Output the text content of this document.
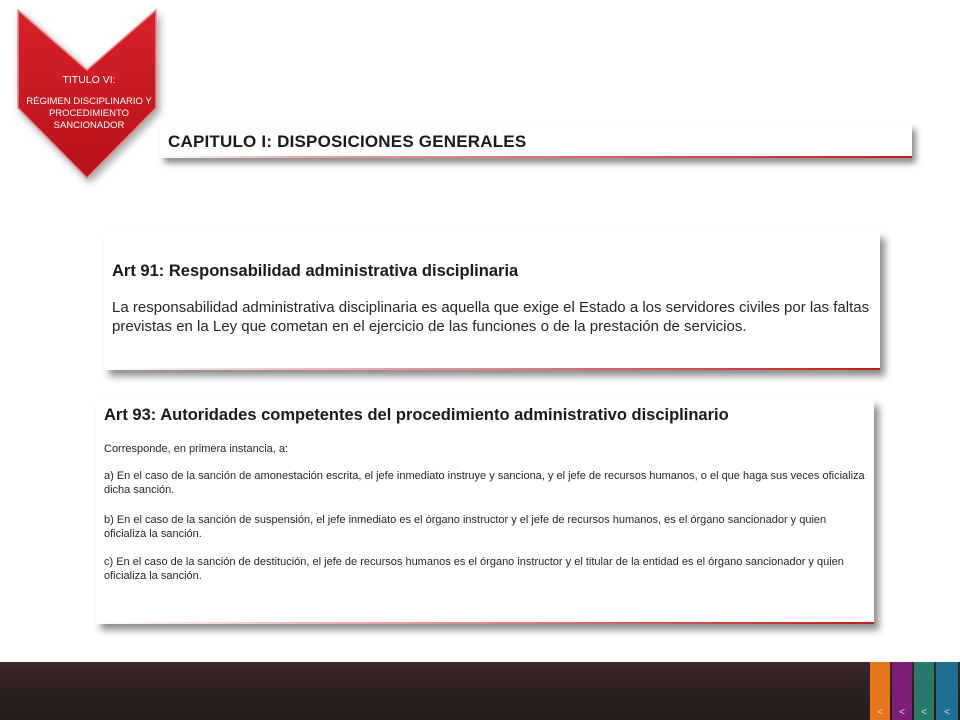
TITULO VI:
RÉGIMEN DISCIPLINARIO Y PROCEDIMIENTO SANCIONADOR
CAPITULO I: DISPOSICIONES GENERALES
Art 91: Responsabilidad administrativa disciplinaria
La responsabilidad administrativa disciplinaria es aquella que exige el Estado a los servidores civiles por las faltas previstas en la Ley que cometan en el ejercicio de las funciones o de la prestación de servicios.
Art 93: Autoridades competentes del procedimiento administrativo disciplinario
Corresponde, en primera instancia, a:
a) En el caso de la sanción de amonestación escrita, el jefe inmediato instruye y sanciona, y el jefe de recursos humanos, o el que haga sus veces oficializa dicha sanción.
b) En el caso de la sanción de suspensión, el jefe inmediato es el órgano instructor y el jefe de recursos humanos, es el órgano sancionador y quien oficializa la sanción.
c) En el caso de la sanción de destitución, el jefe de recursos humanos es el órgano instructor y el titular de la entidad es el órgano sancionador y quien oficializa la sanción.
<	<	<	<
